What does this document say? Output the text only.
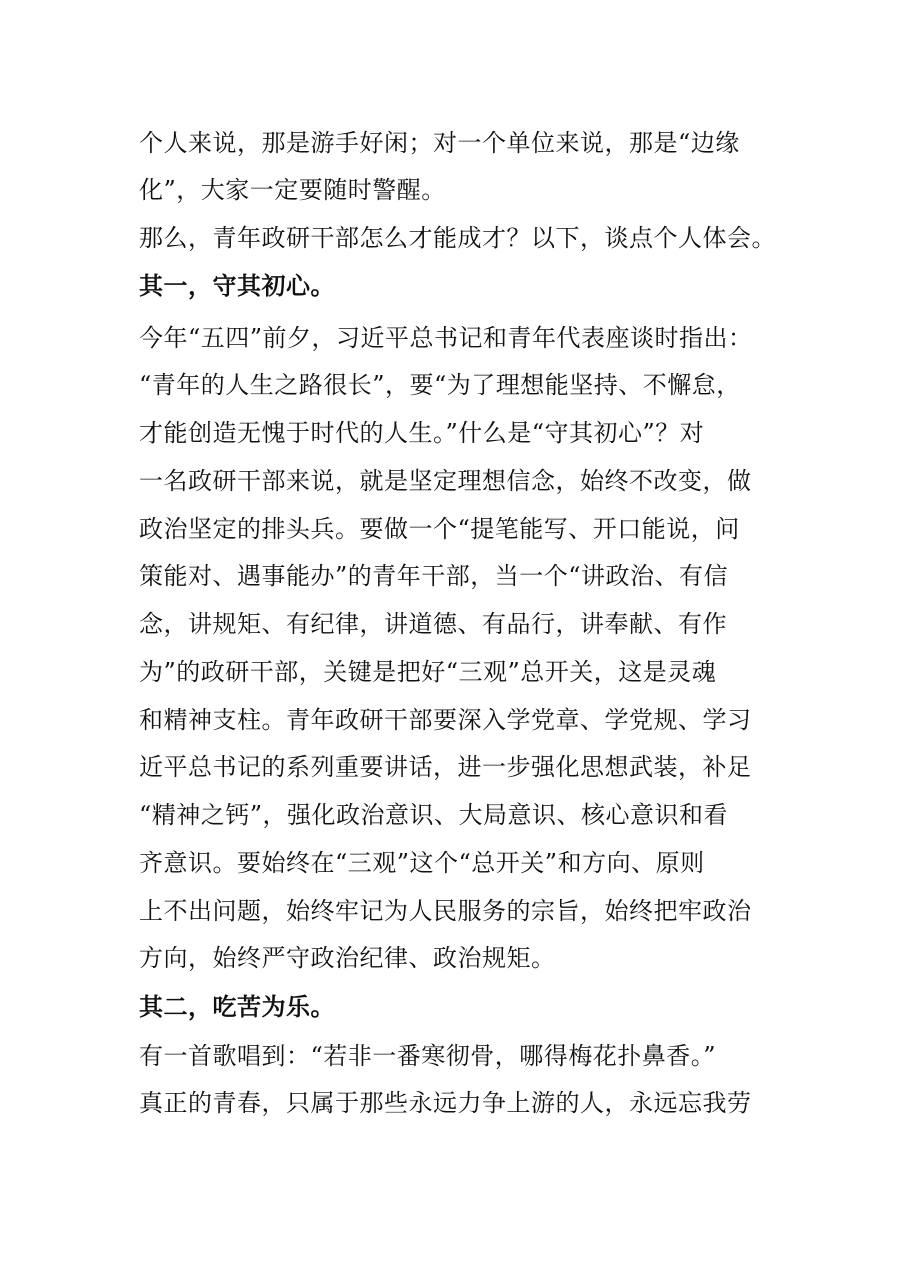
个人来说，那是游手好闲；对一个单位来说，那是“边缘
化”，大家一定要随时警醒。
那么，青年政研干部怎么才能成才？以下，谈点个人体会。
其一，守其初心。
今年“五四”前夕，习近平总书记和青年代表座谈时指出：
“青年的人生之路很长”，要“为了理想能坚持、不懈怠，
才能创造无愧于时代的人生。”什么是“守其初心”？对
一名政研干部来说，就是坚定理想信念，始终不改变，做
政治坚定的排头兵。要做一个“提笔能写、开口能说，问
策能对、遇事能办”的青年干部，当一个“讲政治、有信
念，讲规矩、有纪律，讲道德、有品行，讲奉献、有作
为”的政研干部，关键是把好“三观”总开关，这是灵魂
和精神支柱。青年政研干部要深入学党章、学党规、学习
近平总书记的系列重要讲话，进一步强化思想武装，补足
“精神之钙”，强化政治意识、大局意识、核心意识和看
齐意识。要始终在“三观”这个“总开关”和方向、原则
上不出问题，始终牢记为人民服务的宗旨，始终把牢政治
方向，始终严守政治纪律、政治规矩。
其二，吃苦为乐。
有一首歌唱到：“若非一番寒彻骨，哪得梅花扑鼻香。”
真正的青春，只属于那些永远力争上游的人，永远忘我劳
